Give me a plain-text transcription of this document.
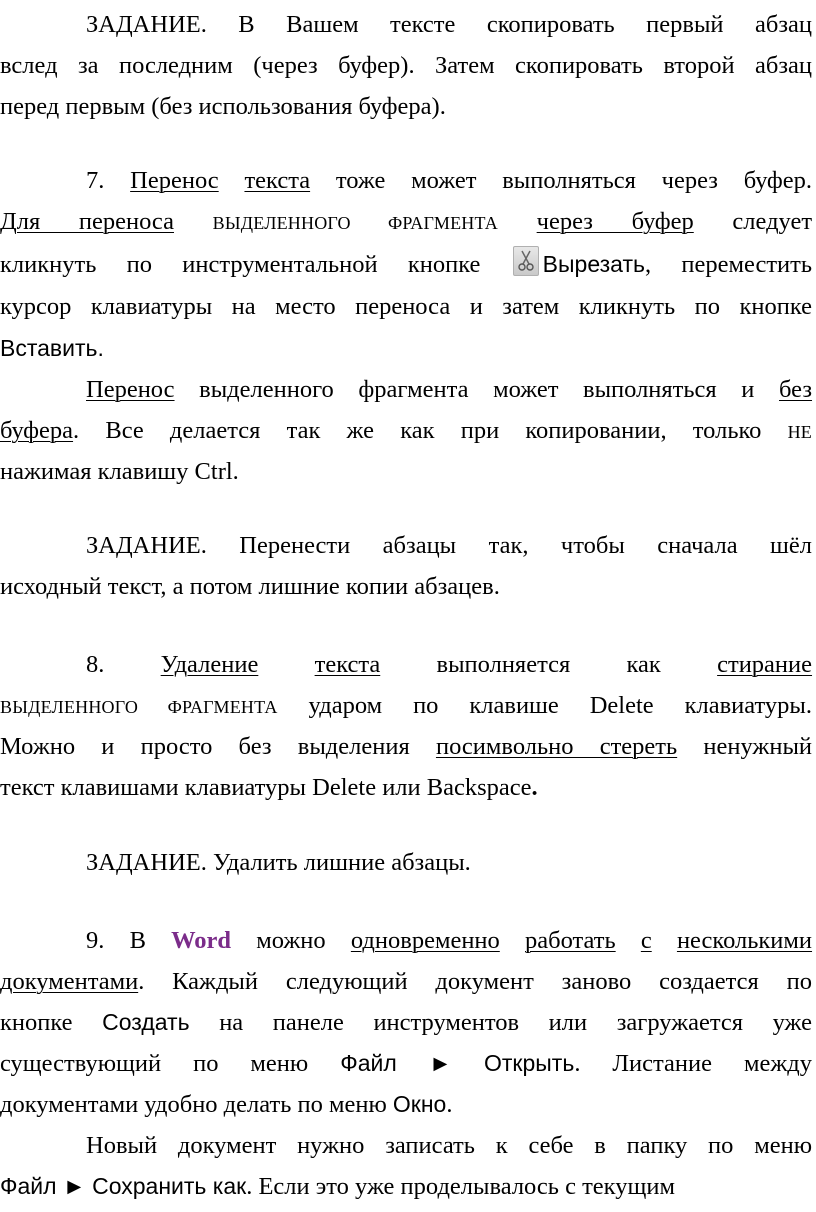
ЗАДАНИЕ. В Вашем тексте скопировать первый абзац
вслед за последним (через буфер). Затем скопировать второй абзац
перед первым (без использования буфера).
7. Перенос текста тоже может выполняться через буфер.
Для переноса ВЫДЕЛЕННОГО ФРАГМЕНТА через буфер следует
кликнуть по инструментальной кнопке	Вырезать, переместить
курсор клавиатуры на место переноса и затем кликнуть по кнопке
Вставить.
Перенос выделенного фрагмента может выполняться и без
буфера. Все делается так же как при копировании, только НЕ
нажимая клавишу Ctrl.
ЗАДАНИЕ. Перенести абзацы так, чтобы сначала шёл
исходный текст, а потом лишние копии абзацев.
8. Удаление текста выполняется как стирание
ВЫДЕЛЕННОГО ФРАГМЕНТА ударом по клавише Delete клавиатуры.
Можно и просто без выделения посимвольно стереть ненужный
текст клавишами клавиатуры Delete или Backspace.
ЗАДАНИЕ. Удалить лишние абзацы.
9. В Word можно одновременно работать с несколькими
документами. Каждый следующий документ заново создается по
кнопке Создать на панеле инструментов или загружается уже
существующий по меню Файл ► Открыть. Листание между
документами удобно делать по меню Окно.
Новый документ нужно записать к себе в папку по меню
Файл ► Сохранить как. Если это уже проделывалось с текущим
